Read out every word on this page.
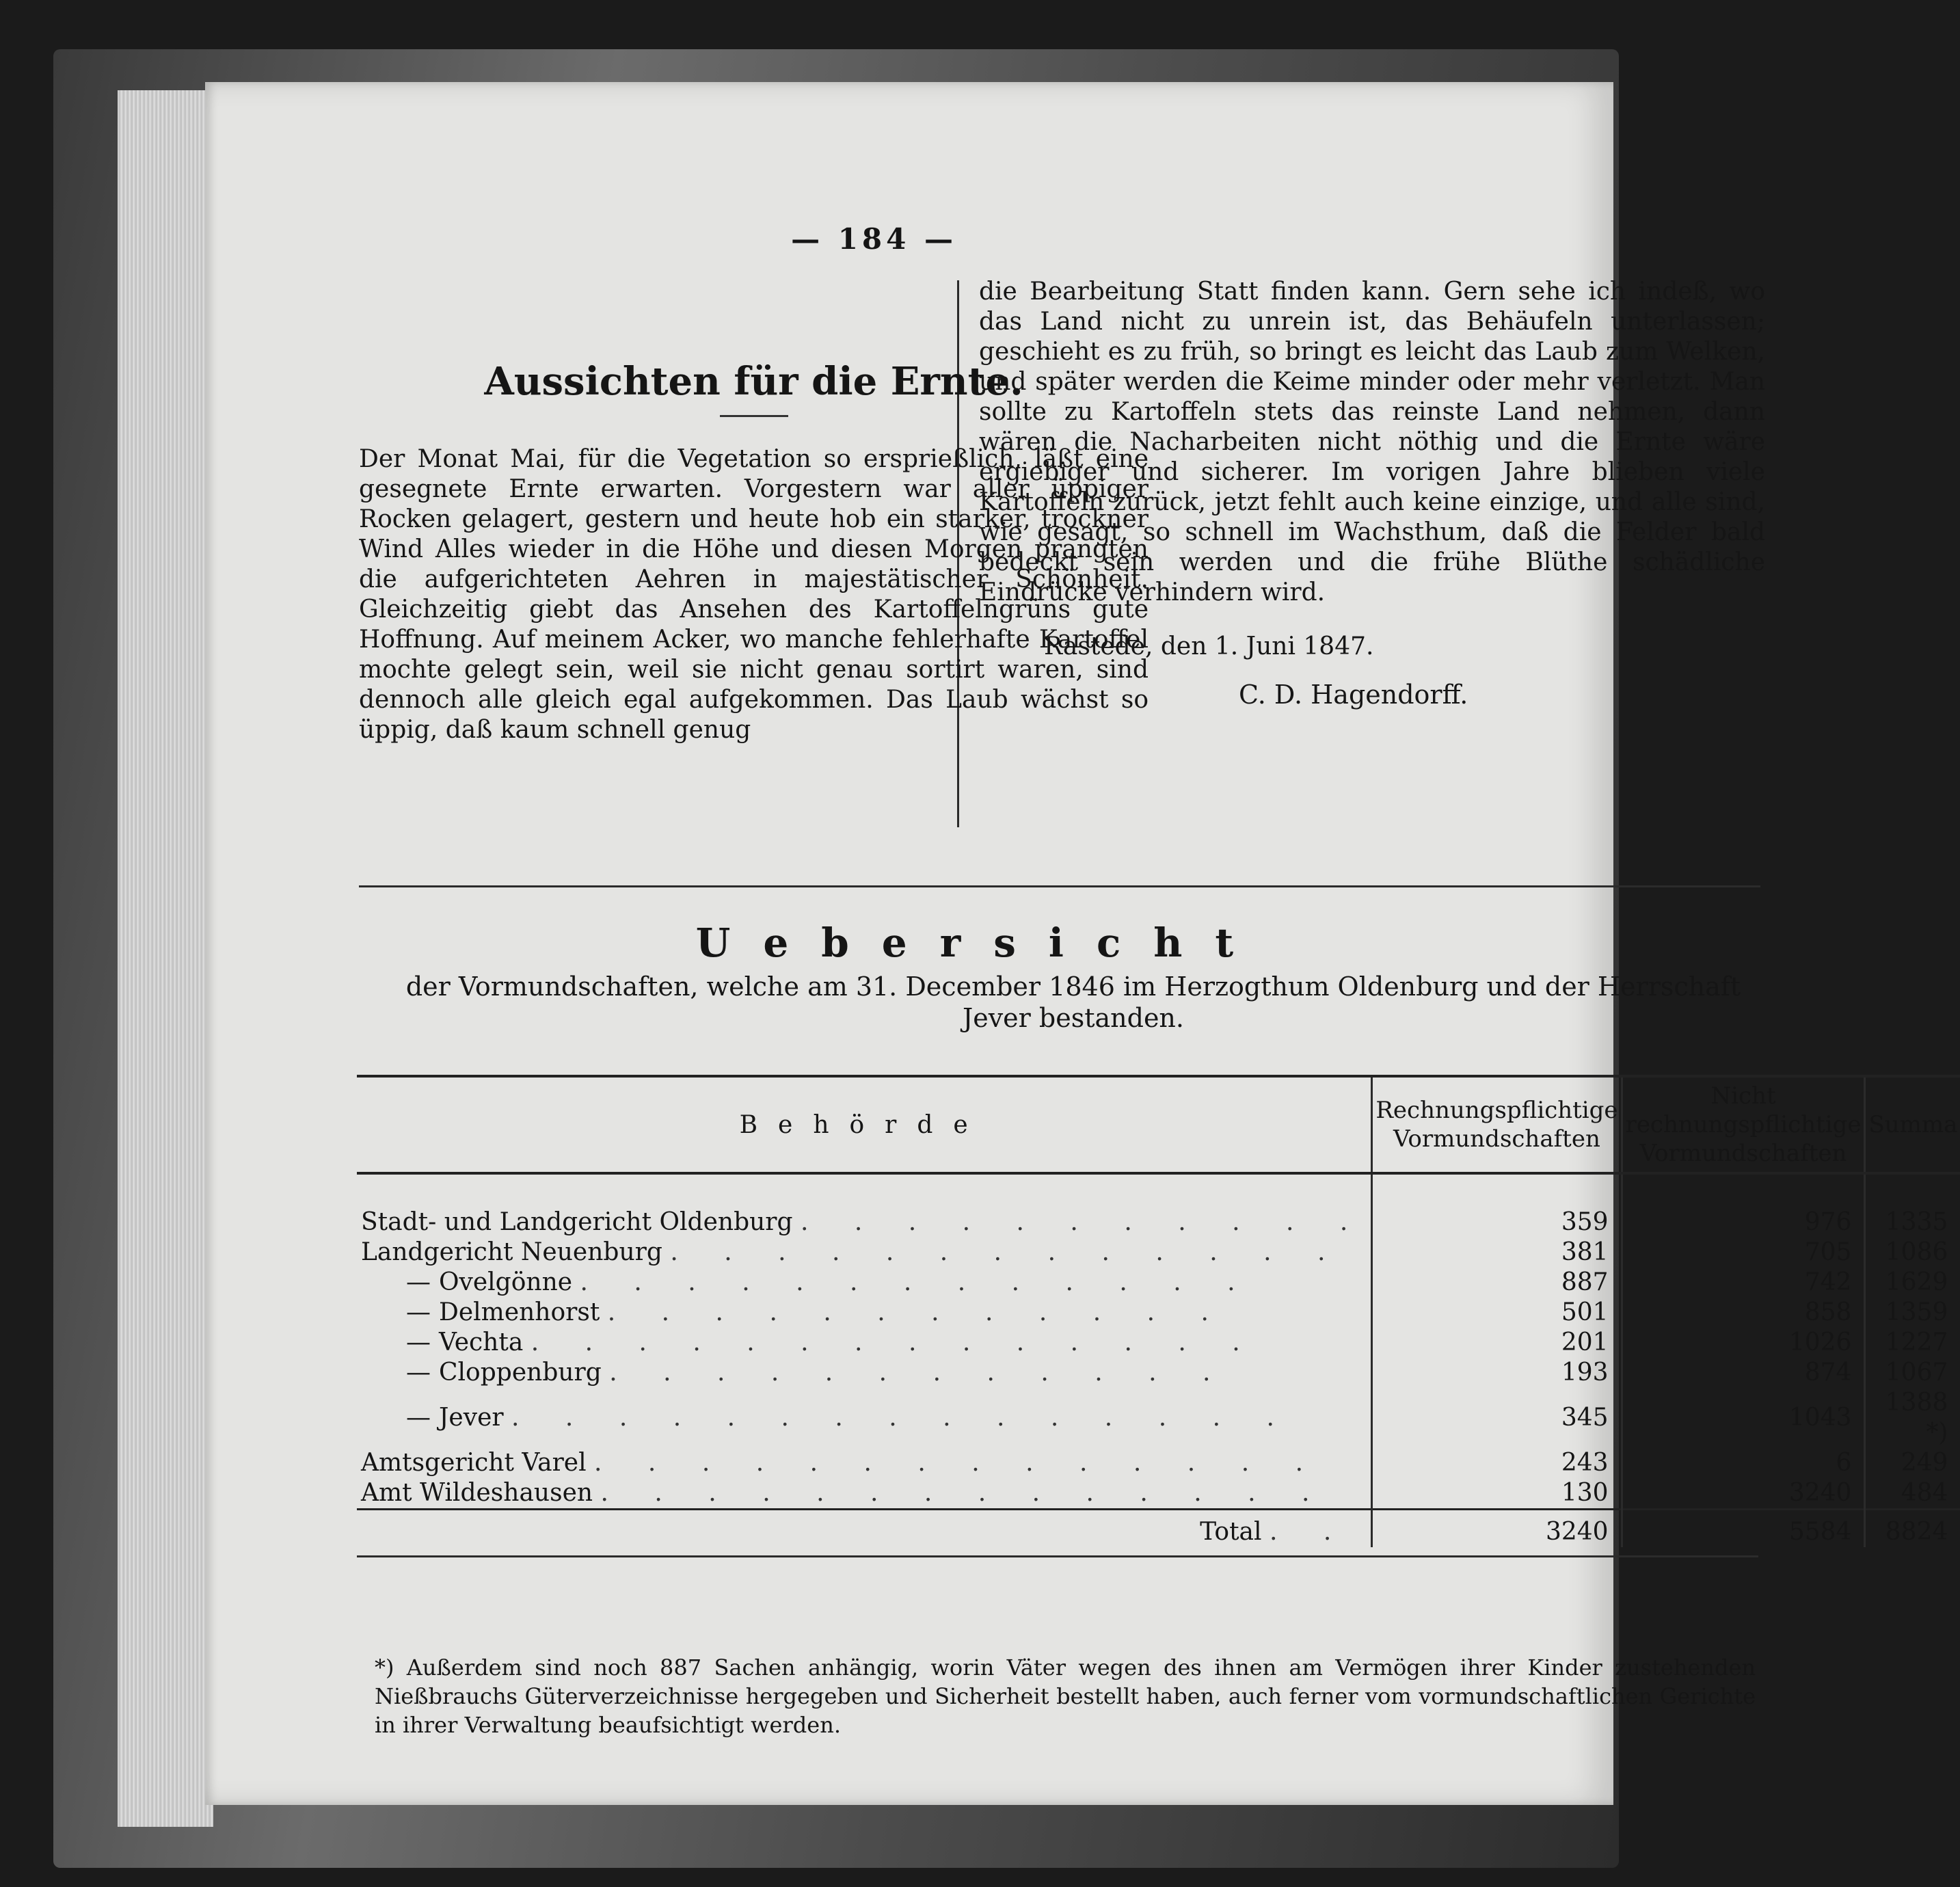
— 184 —
Aussichten für die Ernte.

Der Monat Mai, für die Vegetation so ersprießlich, läßt eine gesegnete Ernte erwarten. Vorgestern war aller üppiger Rocken gelagert, gestern und heute hob ein starker, trockner Wind Alles wieder in die Höhe und diesen Morgen prangten die aufgerichteten Aehren in majestätischer Schönheit. Gleichzeitig giebt das Ansehen des Kartoffelngrüns gute Hoffnung. Auf meinem Acker, wo manche fehlerhafte Kartoffel mochte gelegt sein, weil sie nicht genau sortirt waren, sind dennoch alle gleich egal aufgekommen. Das Laub wächst so üppig, daß kaum schnell genug

die Bearbeitung Statt finden kann. Gern sehe ich indeß, wo das Land nicht zu unrein ist, das Behäufeln unterlassen; geschieht es zu früh, so bringt es leicht das Laub zum Welken, und später werden die Keime minder oder mehr verletzt. Man sollte zu Kartoffeln stets das reinste Land nehmen, dann wären die Nacharbeiten nicht nöthig und die Ernte wäre ergiebiger und sicherer. Im vorigen Jahre blieben viele Kartoffeln zurück, jetzt fehlt auch keine einzige, und alle sind, wie gesagt, so schnell im Wachsthum, daß die Felder bald bedeckt sein werden und die frühe Blüthe schädliche Eindrücke verhindern wird.

Rastede, den 1. Juni 1847.
C. D. Hagendorff.
Uebersicht
der Vormundschaften, welche am 31. December 1846 im Herzogthum Oldenburg und der Herrschaft Jever bestanden.
Behörde	Rechnungspflichtige Vormundschaften	Nicht rechnungspflichtige Vormundschaften	Summa
Stadt- und Landgericht Oldenburg . . . . . . . . . . .	359	976	1335
Landgericht Neuenburg . . . . . . . . . . . . .	381	705	1086
— Ovelgönne . . . . . . . . . . . . .	887	742	1629
— Delmenhorst . . . . . . . . . . . .	501	858	1359
— Vechta . . . . . . . . . . . . . .	201	1026	1227
— Cloppenburg . . . . . . . . . . . .	193	874	1067
— Jever . . . . . . . . . . . . . . .	345	1043	1388 *)
Amtsgericht Varel . . . . . . . . . . . . . .	243	6	249
Amt Wildeshausen . . . . . . . . . . . . . .	130	3240	484
Total . .	3240	5584	8824
*) Außerdem sind noch 887 Sachen anhängig, worin Väter wegen des ihnen am Vermögen ihrer Kinder zustehenden Nießbrauchs Güterverzeichnisse hergegeben und Sicherheit bestellt haben, auch ferner vom vormundschaftlichen Gerichte in ihrer Verwaltung beaufsichtigt werden.
